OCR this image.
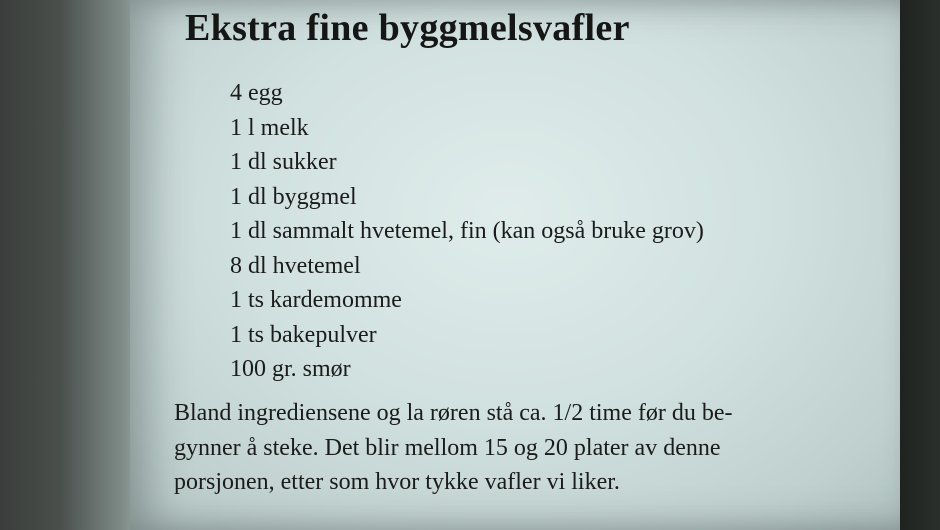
Ekstra fine byggmelsvafler
4 egg
1 l melk
1 dl sukker
1 dl byggmel
1 dl sammalt hvetemel, fin (kan også bruke grov)
8 dl hvetemel
1 ts kardemomme
1 ts bakepulver
100 gr. smør
Bland ingrediensene og la røren stå ca. 1/2 time før du be-
gynner å steke. Det blir mellom 15 og 20 plater av denne
porsjonen, etter som hvor tykke vafler vi liker.
